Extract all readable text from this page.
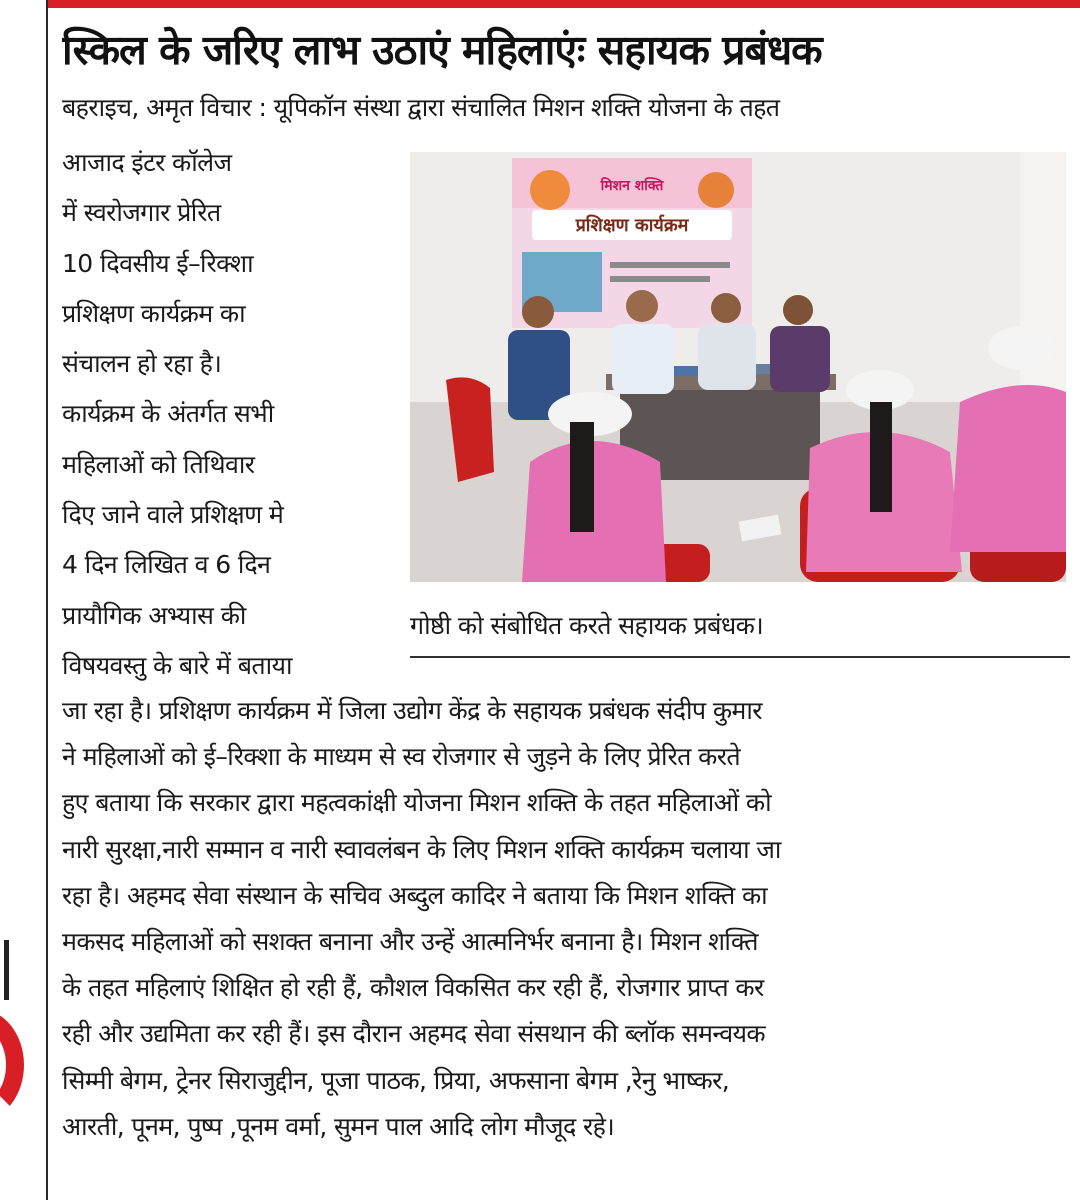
स्किल के जरिए लाभ उठाएं महिलाएंः सहायक प्रबंधक
बहराइच, अमृत विचार : यूपिकॉन संस्था द्वारा संचालित मिशन शक्ति योजना के तहत
आजाद इंटर कॉलेज
में स्वरोजगार प्रेरित
10 दिवसीय ई–रिक्शा
प्रशिक्षण कार्यक्रम का
संचालन हो रहा है।
कार्यक्रम के अंतर्गत सभी
महिलाओं को तिथिवार
दिए जाने वाले प्रशिक्षण मे
4 दिन लिखित व 6 दिन
प्रायौगिक अभ्यास की
विषयवस्तु के बारे में बताया
मिशन शक्ति
प्रशिक्षण कार्यक्रम
गोष्ठी को संबोधित करते सहायक प्रबंधक।
जा रहा है। प्रशिक्षण कार्यक्रम में जिला उद्योग केंद्र के सहायक प्रबंधक संदीप कुमार
ने महिलाओं को ई–रिक्शा के माध्यम से स्व रोजगार से जुड़ने के लिए प्रेरित करते
हुए बताया कि सरकार द्वारा महत्वकांक्षी योजना मिशन शक्ति के तहत महिलाओं को
नारी सुरक्षा,नारी सम्मान व नारी स्वावलंबन के लिए मिशन शक्ति कार्यक्रम चलाया जा
रहा है। अहमद सेवा संस्थान के सचिव अब्दुल कादिर ने बताया कि मिशन शक्ति का
मकसद महिलाओं को सशक्त बनाना और उन्हें आत्मनिर्भर बनाना है। मिशन शक्ति
के तहत महिलाएं शिक्षित हो रही हैं, कौशल विकसित कर रही हैं, रोजगार प्राप्त कर
रही और उद्यमिता कर रही हैं। इस दौरान अहमद सेवा संसथान की ब्लॉक समन्वयक
सिम्मी बेगम, ट्रेनर सिराजुद्दीन, पूजा पाठक, प्रिया, अफसाना बेगम ,रेनु भाष्कर,
आरती, पूनम, पुष्प ,पूनम वर्मा, सुमन पाल आदि लोग मौजूद रहे।
